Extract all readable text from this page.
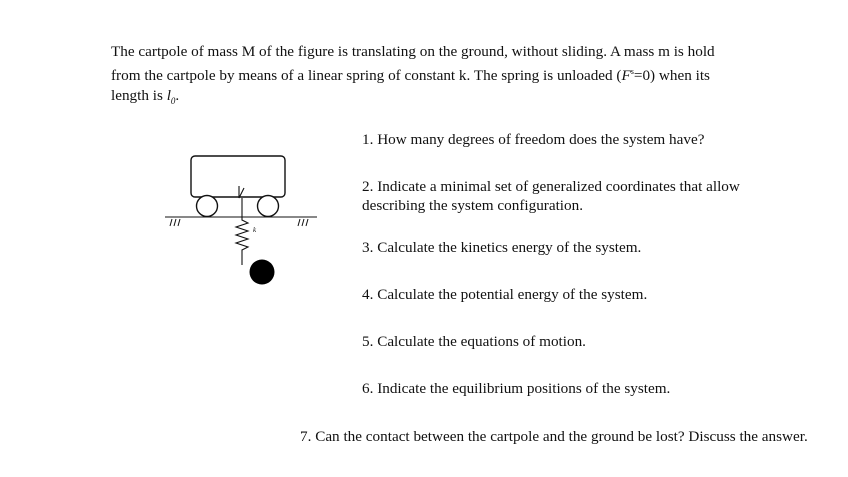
The cartpole of mass M of the figure is translating on the ground, without sliding. A mass m is hold
from the cartpole by means of a linear spring of constant k. The spring is unloaded $(F^s=0)$ when its
length is $l_0$.
k

1. How many degrees of freedom does the system have?

2. Indicate a minimal set of generalized coordinates that allow
describing the system configuration.

3. Calculate the kinetics energy of the system.

4. Calculate the potential energy of the system.

5. Calculate the equations of motion.

6. Indicate the equilibrium positions of the system.

7. Can the contact between the cartpole and the ground be lost? Discuss the answer.
